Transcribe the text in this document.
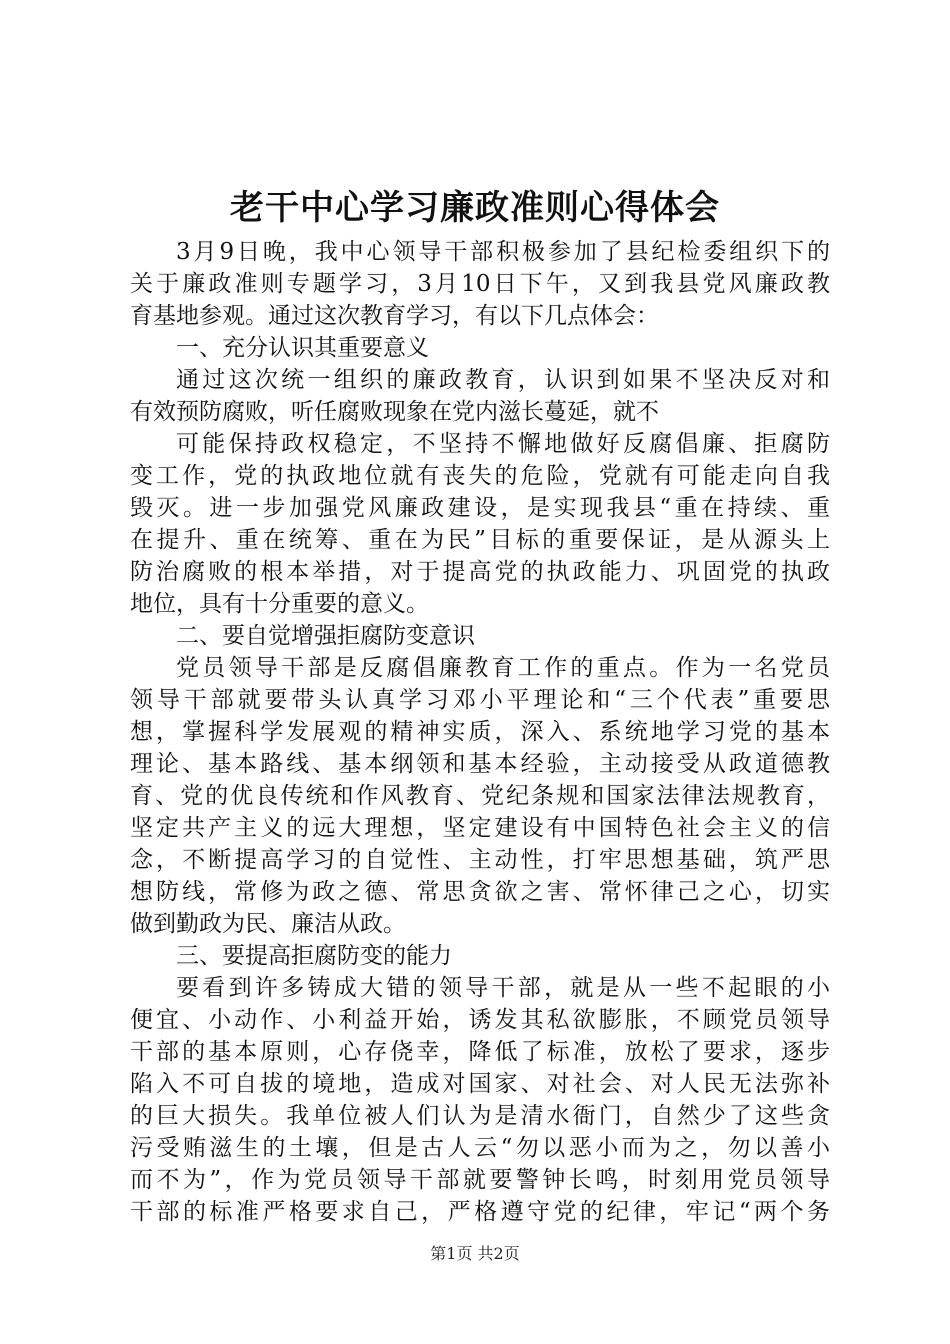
老干中心学习廉政准则心得体会
3月9日晚，我中心领导干部积极参加了县纪检委组织下的
关于廉政准则专题学习，3月10日下午，又到我县党风廉政教
育基地参观。通过这次教育学习，有以下几点体会：
一、充分认识其重要意义
通过这次统一组织的廉政教育，认识到如果不坚决反对和
有效预防腐败，听任腐败现象在党内滋长蔓延，就不
可能保持政权稳定，不坚持不懈地做好反腐倡廉、拒腐防
变工作，党的执政地位就有丧失的危险，党就有可能走向自我
毁灭。进一步加强党风廉政建设，是实现我县“重在持续、重
在提升、重在统筹、重在为民”目标的重要保证，是从源头上
防治腐败的根本举措，对于提高党的执政能力、巩固党的执政
地位，具有十分重要的意义。
二、要自觉增强拒腐防变意识
党员领导干部是反腐倡廉教育工作的重点。作为一名党员
领导干部就要带头认真学习邓小平理论和“三个代表”重要思
想，掌握科学发展观的精神实质，深入、系统地学习党的基本
理论、基本路线、基本纲领和基本经验，主动接受从政道德教
育、党的优良传统和作风教育、党纪条规和国家法律法规教育，
坚定共产主义的远大理想，坚定建设有中国特色社会主义的信
念，不断提高学习的自觉性、主动性，打牢思想基础，筑严思
想防线，常修为政之德、常思贪欲之害、常怀律己之心，切实
做到勤政为民、廉洁从政。
三、要提高拒腐防变的能力
要看到许多铸成大错的领导干部，就是从一些不起眼的小
便宜、小动作、小利益开始，诱发其私欲膨胀，不顾党员领导
干部的基本原则，心存侥幸，降低了标准，放松了要求，逐步
陷入不可自拔的境地，造成对国家、对社会、对人民无法弥补
的巨大损失。我单位被人们认为是清水衙门，自然少了这些贪
污受贿滋生的土壤，但是古人云“勿以恶小而为之，勿以善小
而不为”，作为党员领导干部就要警钟长鸣，时刻用党员领导
干部的标准严格要求自己，严格遵守党的纪律，牢记“两个务
第1页 共2页
